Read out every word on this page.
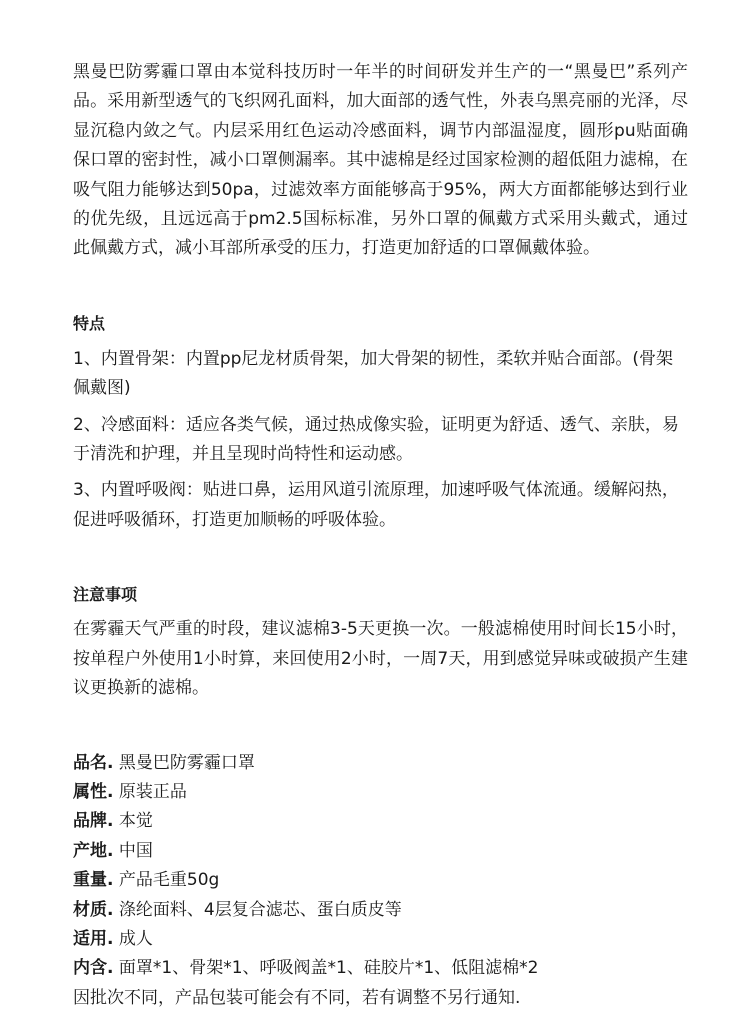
黑曼巴防雾霾口罩由本觉科技历时一年半的时间研发并生产的一“黑曼巴”系列产品。采用新型透气的飞织网孔面料，加大面部的透气性，外表乌黑亮丽的光泽，尽显沉稳内敛之气。内层采用红色运动冷感面料，调节内部温湿度，圆形pu贴面确保口罩的密封性，减小口罩侧漏率。其中滤棉是经过国家检测的超低阻力滤棉，在吸气阻力能够达到50pa，过滤效率方面能够高于95%，两大方面都能够达到行业的优先级，且远远高于pm2.5国标标准，另外口罩的佩戴方式采用头戴式，通过此佩戴方式，减小耳部所承受的压力，打造更加舒适的口罩佩戴体验。

特点

1、内置骨架：内置pp尼龙材质骨架，加大骨架的韧性，柔软并贴合面部。(骨架佩戴图)

2、冷感面料：适应各类气候，通过热成像实验，证明更为舒适、透气、亲肤，易于清洗和护理，并且呈现时尚特性和运动感。

3、内置呼吸阀：贴进口鼻，运用风道引流原理，加速呼吸气体流通。缓解闷热，促进呼吸循环，打造更加顺畅的呼吸体验。

注意事项

在雾霾天气严重的时段，建议滤棉3-5天更换一次。一般滤棉使用时间长15小时，按单程户外使用1小时算，来回使用2小时，一周7天，用到感觉异味或破损产生建议更换新的滤棉。

品名. 黑曼巴防雾霾口罩
属性. 原装正品
品牌. 本觉
产地. 中国
重量. 产品毛重50g
材质. 涤纶面料、4层复合滤芯、蛋白质皮等
适用. 成人
内含. 面罩*1、骨架*1、呼吸阀盖*1、硅胶片*1、低阻滤棉*2
因批次不同，产品包装可能会有不同，若有调整不另行通知.
